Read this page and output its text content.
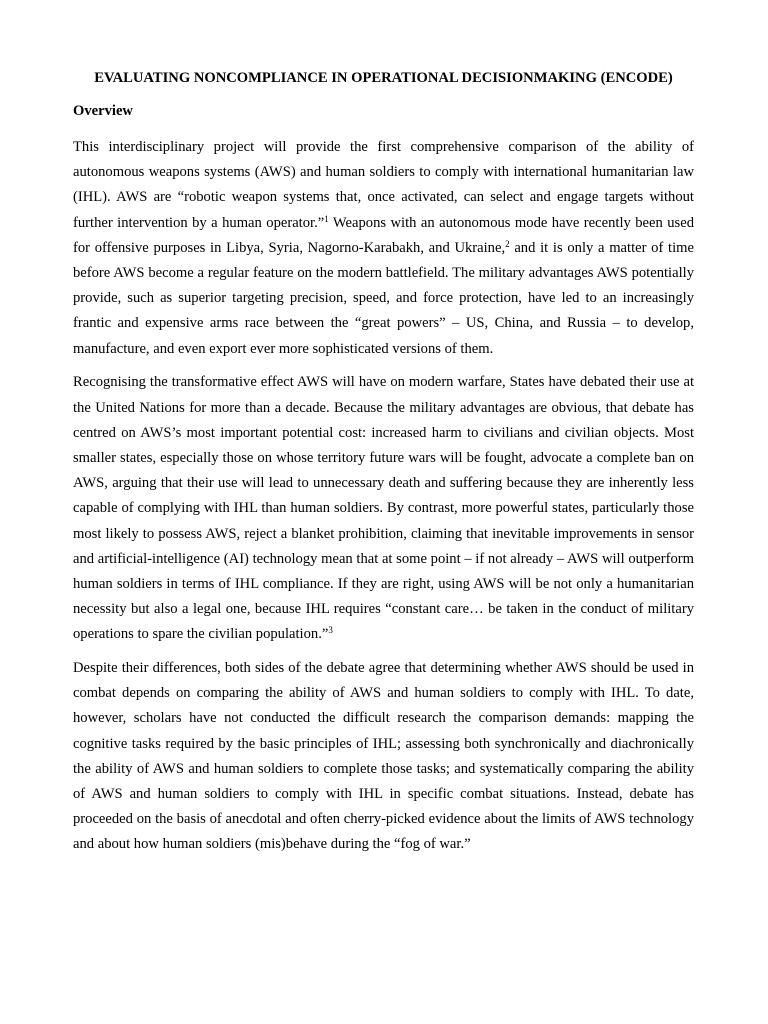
EVALUATING NONCOMPLIANCE IN OPERATIONAL DECISIONMAKING (ENCODE)
Overview

This interdisciplinary project will provide the first comprehensive comparison of the ability of autonomous weapons systems (AWS) and human soldiers to comply with international humanitarian law (IHL). AWS are “robotic weapon systems that, once activated, can select and engage targets without further intervention by a human operator.”$^1$ Weapons with an autonomous mode have recently been used for offensive purposes in Libya, Syria, Nagorno-Karabakh, and Ukraine,$^2$ and it is only a matter of time before AWS become a regular feature on the modern battlefield. The military advantages AWS potentially provide, such as superior targeting precision, speed, and force protection, have led to an increasingly frantic and expensive arms race between the “great powers” – US, China, and Russia – to develop, manufacture, and even export ever more sophisticated versions of them.

Recognising the transformative effect AWS will have on modern warfare, States have debated their use at the United Nations for more than a decade. Because the military advantages are obvious, that debate has centred on AWS’s most important potential cost: increased harm to civilians and civilian objects. Most smaller states, especially those on whose territory future wars will be fought, advocate a complete ban on AWS, arguing that their use will lead to unnecessary death and suffering because they are inherently less capable of complying with IHL than human soldiers. By contrast, more powerful states, particularly those most likely to possess AWS, reject a blanket prohibition, claiming that inevitable improvements in sensor and artificial-intelligence (AI) technology mean that at some point – if not already – AWS will outperform human soldiers in terms of IHL compliance. If they are right, using AWS will be not only a humanitarian necessity but also a legal one, because IHL requires “constant care… be taken in the conduct of military operations to spare the civilian population.”$^3$

Despite their differences, both sides of the debate agree that determining whether AWS should be used in combat depends on comparing the ability of AWS and human soldiers to comply with IHL. To date, however, scholars have not conducted the difficult research the comparison demands: mapping the cognitive tasks required by the basic principles of IHL; assessing both synchronically and diachronically the ability of AWS and human soldiers to complete those tasks; and systematically comparing the ability of AWS and human soldiers to comply with IHL in specific combat situations. Instead, debate has proceeded on the basis of anecdotal and often cherry-picked evidence about the limits of AWS technology and about how human soldiers (mis)behave during the “fog of war.”
